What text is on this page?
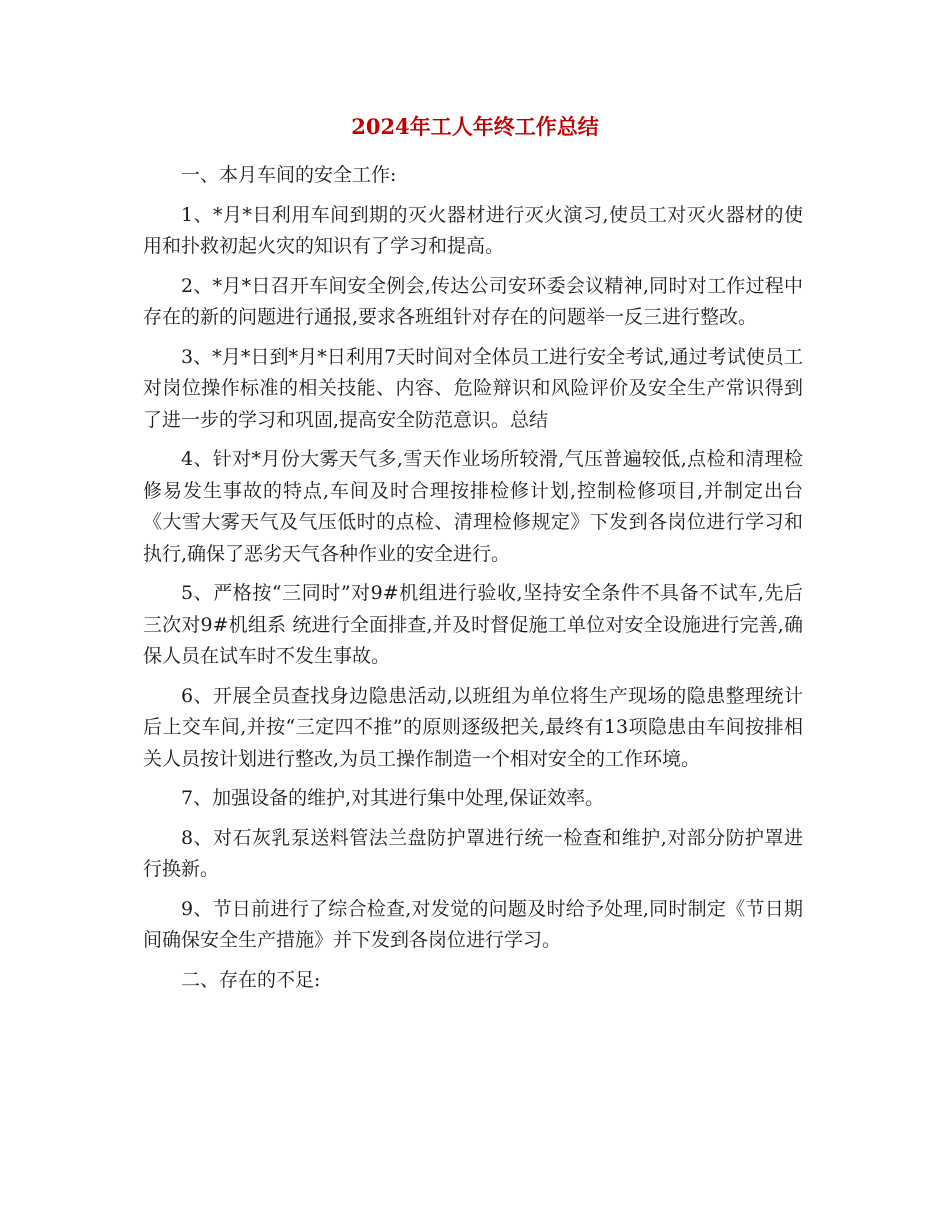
2024年工人年终工作总结

一、本月车间的安全工作:

1、*月*日利用车间到期的灭火器材进行灭火演习,使员工对灭火器材的使用和扑救初起火灾的知识有了学习和提高。

2、*月*日召开车间安全例会,传达公司安环委会议精神,同时对工作过程中存在的新的问题进行通报,要求各班组针对存在的问题举一反三进行整改。

3、*月*日到*月*日利用7天时间对全体员工进行安全考试,通过考试使员工对岗位操作标准的相关技能、内容、危险辩识和风险评价及安全生产常识得到了进一步的学习和巩固,提高安全防范意识。总结

4、针对*月份大雾天气多,雪天作业场所较滑,气压普遍较低,点检和清理检修易发生事故的特点,车间及时合理按排检修计划,控制检修项目,并制定出台《大雪大雾天气及气压低时的点检、清理检修规定》下发到各岗位进行学习和执行,确保了恶劣天气各种作业的安全进行。

5、严格按“三同时”对9#机组进行验收,坚持安全条件不具备不试车,先后三次对9#机组系 统进行全面排查,并及时督促施工单位对安全设施进行完善,确保人员在试车时不发生事故。

6、开展全员查找身边隐患活动,以班组为单位将生产现场的隐患整理统计后上交车间,并按“三定四不推”的原则逐级把关,最终有13项隐患由车间按排相关人员按计划进行整改,为员工操作制造一个相对安全的工作环境。

7、加强设备的维护,对其进行集中处理,保证效率。

8、对石灰乳泵送料管法兰盘防护罩进行统一检查和维护,对部分防护罩进行换新。

9、节日前进行了综合检查,对发觉的问题及时给予处理,同时制定《节日期间确保安全生产措施》并下发到各岗位进行学习。

二、存在的不足:
